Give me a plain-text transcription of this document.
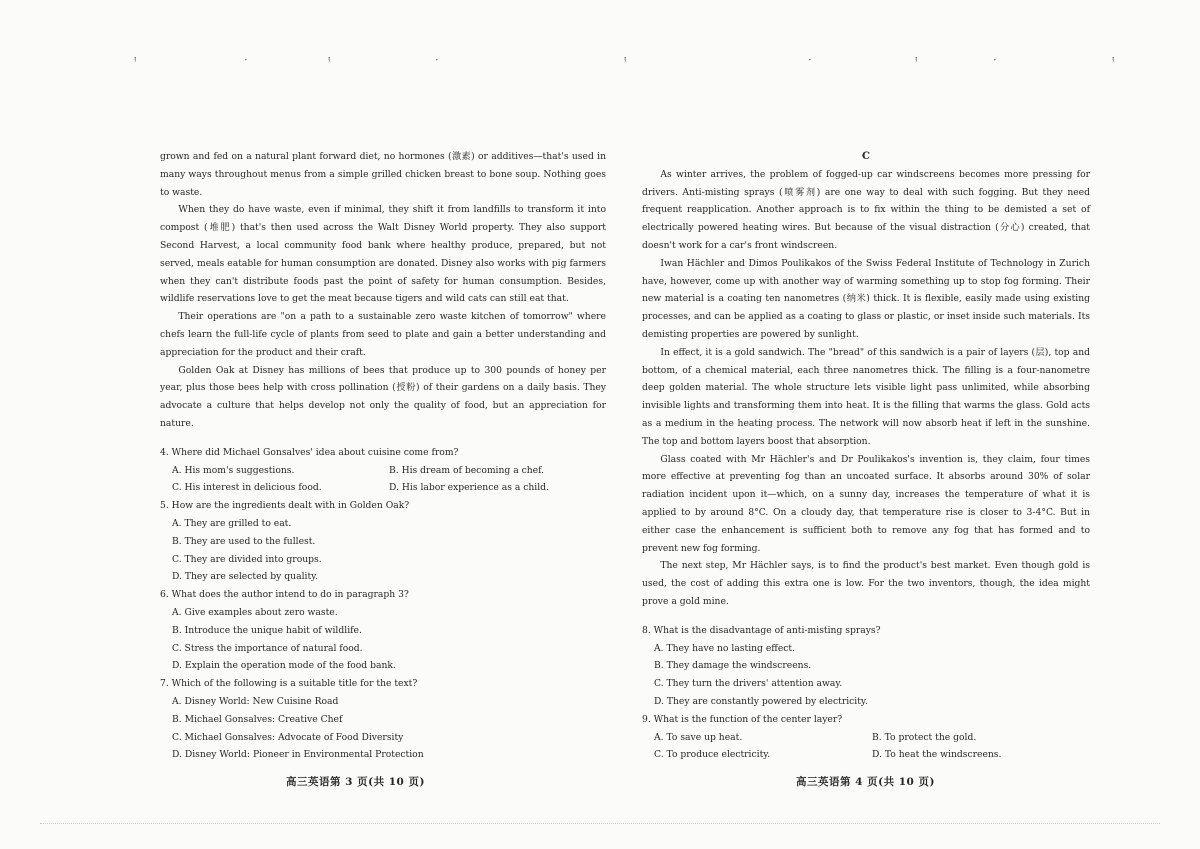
ᵎ	ˑ	ᵎ	ˑ	ᵎ	ˑ	ᵎ	ˑ	ᵎ

grown and fed on a natural plant forward diet, no hormones (激素) or additives—that's used in many ways throughout menus from a simple grilled chicken breast to bone soup. Nothing goes to waste.

When they do have waste, even if minimal, they shift it from landfills to transform it into compost (堆肥) that's then used across the Walt Disney World property. They also support Second Harvest, a local community food bank where healthy produce, prepared, but not served, meals eatable for human consumption are donated. Disney also works with pig farmers when they can't distribute foods past the point of safety for human consumption. Besides, wildlife reservations love to get the meat because tigers and wild cats can still eat that.

Their operations are "on a path to a sustainable zero waste kitchen of tomorrow" where chefs learn the full-life cycle of plants from seed to plate and gain a better understanding and appreciation for the product and their craft.

Golden Oak at Disney has millions of bees that produce up to 300 pounds of honey per year, plus those bees help with cross pollination (授粉) of their gardens on a daily basis. They advocate a culture that helps develop not only the quality of food, but an appreciation for nature.

4. Where did Michael Gonsalves' idea about cuisine come from?

A. His mom's suggestions.	B. His dream of becoming a chef.

C. His interest in delicious food.	D. His labor experience as a child.

5. How are the ingredients dealt with in Golden Oak?

A. They are grilled to eat.

B. They are used to the fullest.

C. They are divided into groups.

D. They are selected by quality.

6. What does the author intend to do in paragraph 3?

A. Give examples about zero waste.

B. Introduce the unique habit of wildlife.

C. Stress the importance of natural food.

D. Explain the operation mode of the food bank.

7. Which of the following is a suitable title for the text?

A. Disney World: New Cuisine Road

B. Michael Gonsalves: Creative Chef

C. Michael Gonsalves: Advocate of Food Diversity

D. Disney World: Pioneer in Environmental Protection

C

As winter arrives, the problem of fogged-up car windscreens becomes more pressing for drivers. Anti-misting sprays (喷雾剂) are one way to deal with such fogging. But they need frequent reapplication. Another approach is to fix within the thing to be demisted a set of electrically powered heating wires. But because of the visual distraction (分心) created, that doesn't work for a car's front windscreen.

Iwan Hächler and Dimos Poulikakos of the Swiss Federal Institute of Technology in Zurich have, however, come up with another way of warming something up to stop fog forming. Their new material is a coating ten nanometres (纳米) thick. It is flexible, easily made using existing processes, and can be applied as a coating to glass or plastic, or inset inside such materials. Its demisting properties are powered by sunlight.

In effect, it is a gold sandwich. The "bread" of this sandwich is a pair of layers (层), top and bottom, of a chemical material, each three nanometres thick. The filling is a four-nanometre deep golden material. The whole structure lets visible light pass unlimited, while absorbing invisible lights and transforming them into heat. It is the filling that warms the glass. Gold acts as a medium in the heating process. The network will now absorb heat if left in the sunshine. The top and bottom layers boost that absorption.

Glass coated with Mr Hächler's and Dr Poulikakos's invention is, they claim, four times more effective at preventing fog than an uncoated surface. It absorbs around 30% of solar radiation incident upon it—which, on a sunny day, increases the temperature of what it is applied to by around 8°C. On a cloudy day, that temperature rise is closer to 3-4°C. But in either case the enhancement is sufficient both to remove any fog that has formed and to prevent new fog forming.

The next step, Mr Hächler says, is to find the product's best market. Even though gold is used, the cost of adding this extra one is low. For the two inventors, though, the idea might prove a gold mine.

8. What is the disadvantage of anti-misting sprays?

A. They have no lasting effect.

B. They damage the windscreens.

C. They turn the drivers' attention away.

D. They are constantly powered by electricity.

9. What is the function of the center layer?

A. To save up heat.	B. To protect the gold.

C. To produce electricity.	D. To heat the windscreens.

高三英语第 3 页(共 10 页)	高三英语第 4 页(共 10 页)
